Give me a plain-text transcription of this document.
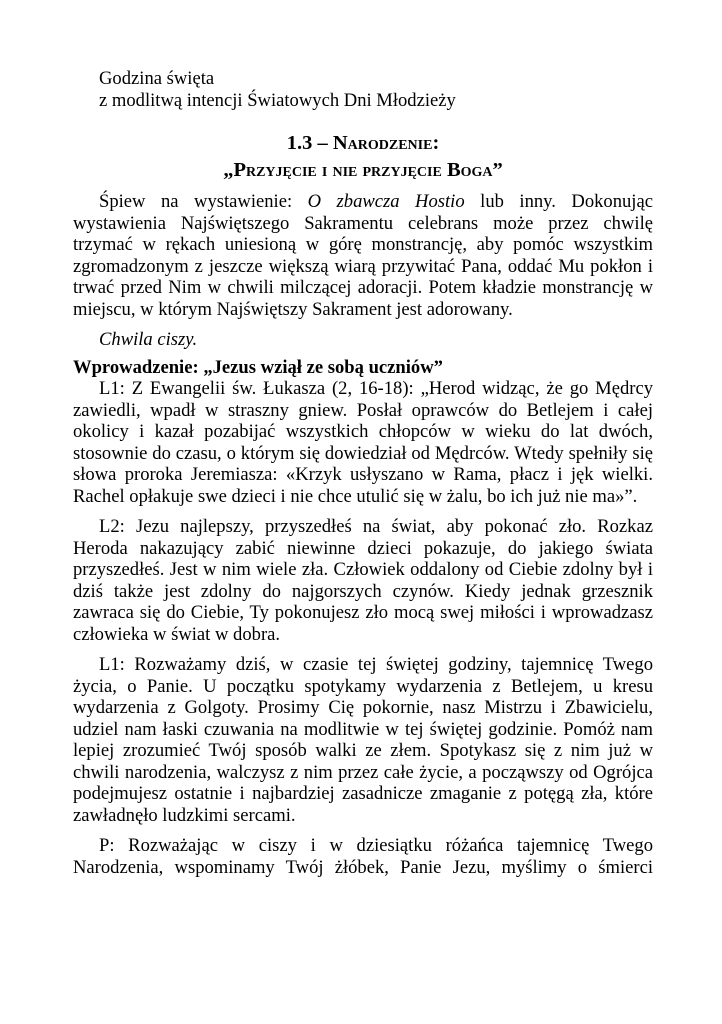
Godzina święta
z modlitwą intencji Światowych Dni Młodzieży
1.3 – Narodzenie:
„Przyjęcie i nie przyjęcie Boga”

Śpiew na wystawienie: O zbawcza Hostio lub inny. Dokonując wystawienia Najświętszego Sakramentu celebrans może przez chwilę trzymać w rękach uniesioną w górę monstrancję, aby pomóc wszystkim zgromadzonym z jeszcze większą wiarą przywitać Pana, oddać Mu pokłon i trwać przed Nim w chwili milczącej adoracji. Potem kładzie monstrancję w miejscu, w którym Najświętszy Sakrament jest adorowany.

Chwila ciszy.

Wprowadzenie: „Jezus wziął ze sobą uczniów”

L1: Z Ewangelii św. Łukasza (2, 16-18): „Herod widząc, że go Mędrcy zawiedli, wpadł w straszny gniew. Posłał oprawców do Betlejem i całej okolicy i kazał pozabijać wszystkich chłopców w wieku do lat dwóch, stosownie do czasu, o którym się dowiedział od Mędrców. Wtedy spełniły się słowa proroka Jeremiasza: «Krzyk usłyszano w Rama, płacz i jęk wielki. Rachel opłakuje swe dzieci i nie chce utulić się w żalu, bo ich już nie ma»”.

L2: Jezu najlepszy, przyszedłeś na świat, aby pokonać zło. Rozkaz Heroda nakazujący zabić niewinne dzieci pokazuje, do jakiego świata przyszedłeś. Jest w nim wiele zła. Człowiek oddalony od Ciebie zdolny był i dziś także jest zdolny do najgorszych czynów. Kiedy jednak grzesznik zawraca się do Ciebie, Ty pokonujesz zło mocą swej miłości i wprowadzasz człowieka w świat w dobra.

L1: Rozważamy dziś, w czasie tej świętej godziny, tajemnicę Twego życia, o Panie. U początku spotykamy wydarzenia z Betlejem, u kresu wydarzenia z Golgoty. Prosimy Cię pokornie, nasz Mistrzu i Zbawicielu, udziel nam łaski czuwania na modlitwie w tej świętej godzinie. Pomóż nam lepiej zrozumieć Twój sposób walki ze złem. Spotykasz się z nim już w chwili narodzenia, walczysz z nim przez całe życie, a począwszy od Ogrójca podejmujesz ostatnie i najbardziej zasadnicze zmaganie z potęgą zła, które zawładnęło ludzkimi sercami.

P: Rozważając w ciszy i w dziesiątku różańca tajemnicę Twego Narodzenia, wspominamy Twój żłóbek, Panie Jezu, myślimy o śmierci
